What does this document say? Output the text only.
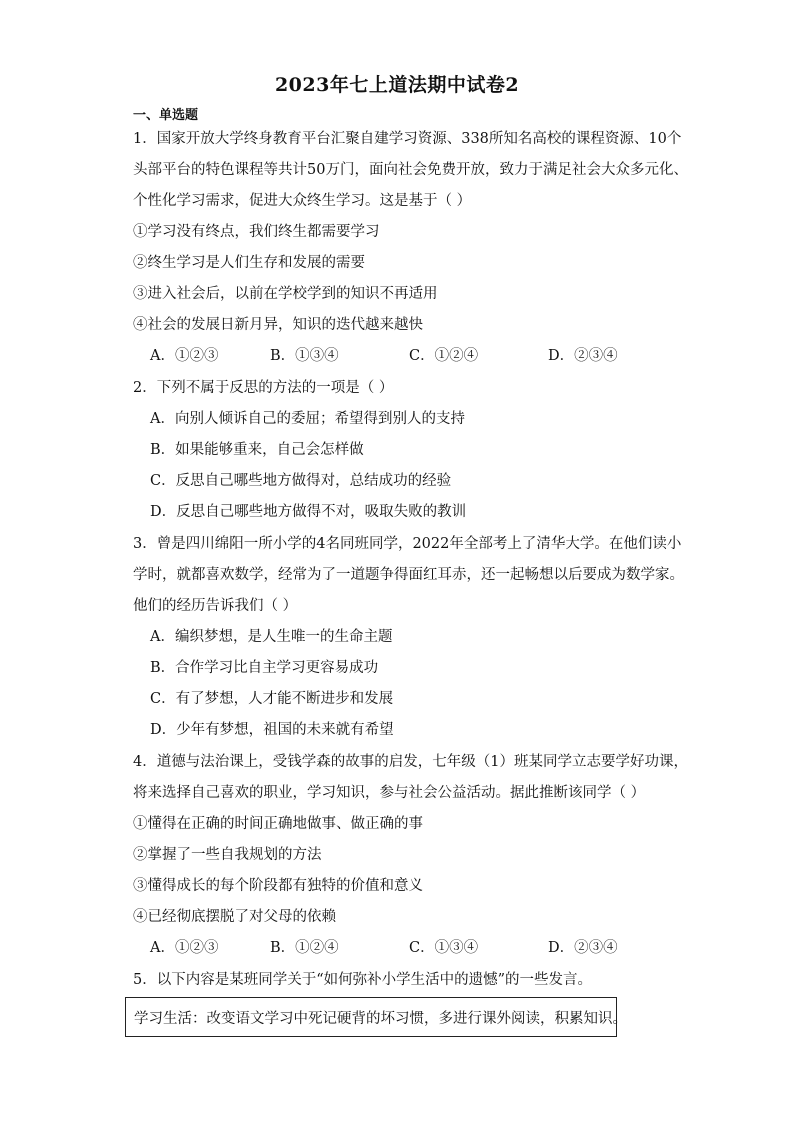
2023年七上道法期中试卷2
一、单选题
1．国家开放大学终身教育平台汇聚自建学习资源、338所知名高校的课程资源、10个
头部平台的特色课程等共计50万门，面向社会免费开放，致力于满足社会大众多元化、
个性化学习需求，促进大众终生学习。这是基于（ ）
①学习没有终点，我们终生都需要学习
②终生学习是人们生存和发展的需要
③进入社会后，以前在学校学到的知识不再适用
④社会的发展日新月异，知识的迭代越来越快
A．①②③	B．①③④	C．①②④	D．②③④
2．下列不属于反思的方法的一项是（ ）
A．向别人倾诉自己的委屈；希望得到别人的支持
B．如果能够重来，自己会怎样做
C．反思自己哪些地方做得对，总结成功的经验
D．反思自己哪些地方做得不对，吸取失败的教训
3．曾是四川绵阳一所小学的4名同班同学，2022年全部考上了清华大学。在他们读小
学时，就都喜欢数学，经常为了一道题争得面红耳赤，还一起畅想以后要成为数学家。
他们的经历告诉我们（ ）
A．编织梦想，是人生唯一的生命主题
B．合作学习比自主学习更容易成功
C．有了梦想，人才能不断进步和发展
D．少年有梦想，祖国的未来就有希望
4．道德与法治课上，受钱学森的故事的启发，七年级（1）班某同学立志要学好功课，
将来选择自己喜欢的职业，学习知识，参与社会公益活动。据此推断该同学（ ）
①懂得在正确的时间正确地做事、做正确的事
②掌握了一些自我规划的方法
③懂得成长的每个阶段都有独特的价值和意义
④已经彻底摆脱了对父母的依赖
A．①②③	B．①②④	C．①③④	D．②③④
5．以下内容是某班同学关于“如何弥补小学生活中的遗憾”的一些发言。
学习生活：改变语文学习中死记硬背的坏习惯，多进行课外阅读，积累知识。
